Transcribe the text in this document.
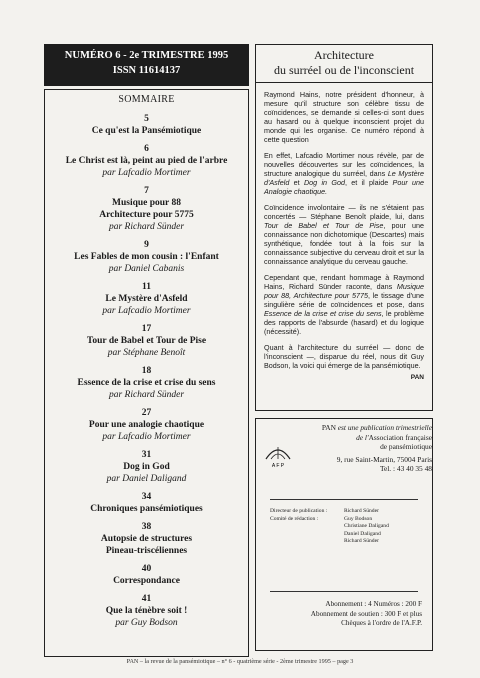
NUMÉRO 6 - 2e TRIMESTRE 1995
ISSN 11614137
SOMMAIRE
5
Ce qu'est la Pansémiotique
6
Le Christ est là, peint au pied de l'arbre
par Lafcadio Mortimer
7
Musique pour 88
Architecture pour 5775
par Richard Sünder
9
Les Fables de mon cousin : l'Enfant
par Daniel Cabanis
11
Le Mystère d'Asfeld
par Lafcadio Mortimer
17
Tour de Babel et Tour de Pise
par Stéphane Benoît
18
Essence de la crise et crise du sens
par Richard Sünder
27
Pour une analogie chaotique
par Lafcadio Mortimer
31
Dog in God
par Daniel Daligand
34
Chroniques pansémiotiques
38
Autopsie de structures
Pineau-triscéliennes
40
Correspondance
41
Que la ténèbre soit !
par Guy Bodson
Architecture
du surréel ou de l'inconscient

Raymond Hains, notre président d'honneur, à mesure qu'il structure son célèbre tissu de coïncidences, se demande si celles-ci sont dues au hasard ou à quelque inconscient projet du monde qui les organise. Ce numéro répond à cette question

En effet, Lafcadio Mortimer nous révèle, par de nouvelles découvertes sur les coïncidences, la structure analogique du surréel, dans Le Mystère d'Asfeld et Dog in God, et il plaide Pour une Analogie chaotique.

Coïncidence involontaire — ils ne s'étaient pas concertés — Stéphane Benoît plaide, lui, dans Tour de Babel et Tour de Pise, pour une connaissance non dichotomique (Descartes) mais synthétique, fondée tout à la fois sur la connaissance subjective du cerveau droit et sur la connaissance analytique du cerveau gauche.

Cependant que, rendant hommage à Raymond Hains, Richard Sünder raconte, dans Musique pour 88, Architecture pour 5775, le tissage d'une singulière série de coïncidences et pose, dans Essence de la crise et crise du sens, le problème des rapports de l'absurde (hasard) et du logique (nécessité).

Quant à l'architecture du surréel — donc de l'inconscient —, disparue du réel, nous dit Guy Bodson, la voici qui émerge de la pansémiotique.

PAN
A F P
PAN est une publication trimestrielle
de l'Association française
de pansémiotique
9, rue Saint-Martin, 75004 Paris
Tel. : 43 40 35 48
Directeur de publication :	Richard Sünder
Comité de rédaction :	Guy Bodson
Christiane Daligand
Daniel Daligand
Richard Sünder
Abonnement : 4 Numéros : 200 F
Abonnement de soutien : 300 F et plus
Chèques à l'ordre de l'A.F.P.
PAN – la revue de la pansémiotique – n° 6 - quatrième série - 2ème trimestre 1995 – page 3
